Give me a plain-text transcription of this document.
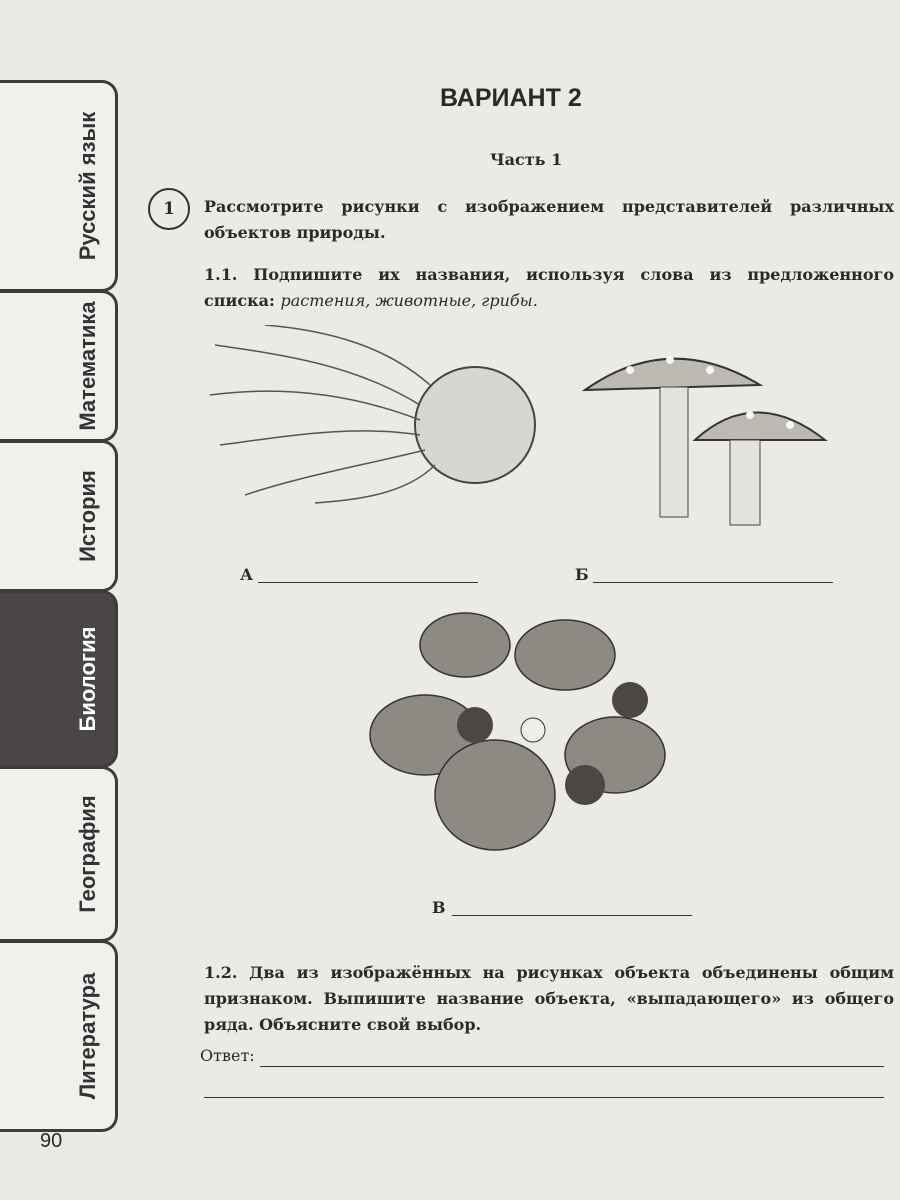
Русский язык
Математика
История
Биология
География
Литература
ВАРИАНТ 2
Часть 1
1	Рассмотрите рисунки с изображением представителей различных объектов природы.
1.1. Подпишите их названия, используя слова из предложенного списка: растения, животные, грибы.
А	Б
В
1.2. Два из изображённых на рисунках объекта объединены общим признаком. Выпишите название объекта, «выпадающего» из общего ряда. Объясните свой выбор.
Ответ:
90
